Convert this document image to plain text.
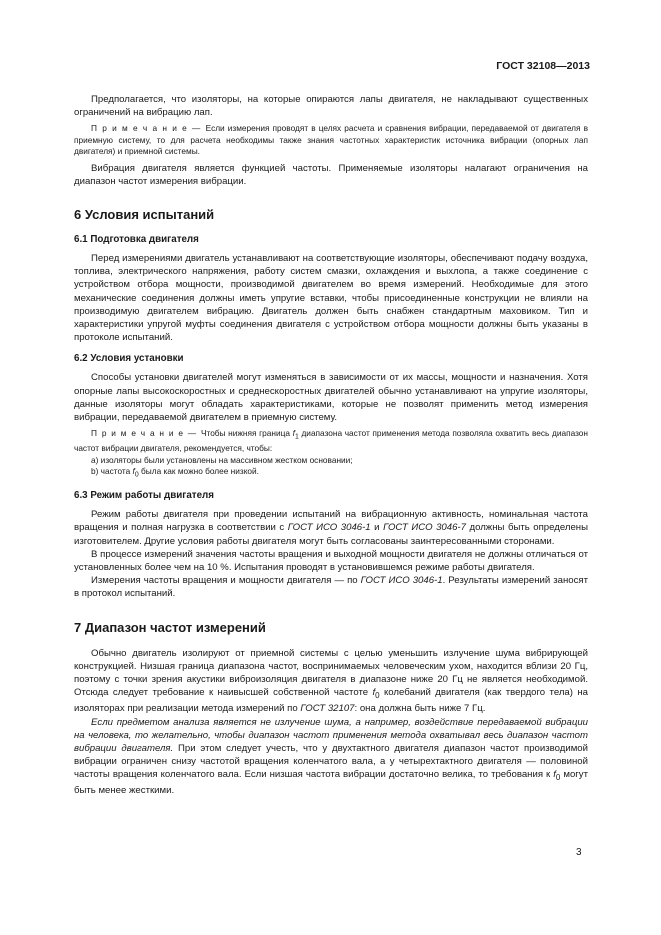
ГОСТ 32108—2013

Предполагается, что изоляторы, на которые опираются лапы двигателя, не накладывают существенных ограничений на вибрацию лап.

П р и м е ч а н и е — Если измерения проводят в целях расчета и сравнения вибрации, передаваемой от двигателя в приемную систему, то для расчета необходимы также знания частотных характеристик источника вибрации (опорных лап двигателя) и приемной системы.

Вибрация двигателя является функцией частоты. Применяемые изоляторы налагают ограничения на диапазон частот измерения вибрации.

6 Условия испытаний
6.1 Подготовка двигателя

Перед измерениями двигатель устанавливают на соответствующие изоляторы, обеспечивают подачу воздуха, топлива, электрического напряжения, работу систем смазки, охлаждения и выхлопа, а также соединение с устройством отбора мощности, производимой двигателем во время измерений. Необходимые для этого механические соединения должны иметь упругие вставки, чтобы присоединенные конструкции не влияли на производимую двигателем вибрацию. Двигатель должен быть снабжен стандартным маховиком. Тип и характеристики упругой муфты соединения двигателя с устройством отбора мощности должны быть указаны в протоколе испытаний.

6.2 Условия установки

Способы установки двигателей могут изменяться в зависимости от их массы, мощности и назначения. Хотя опорные лапы высокоскоростных и среднескоростных двигателей обычно устанавливают на упругие изоляторы, данные изоляторы могут обладать характеристиками, которые не позволят применить метод измерения вибрации, передаваемой двигателем в приемную систему.

П р и м е ч а н и е — Чтобы нижняя граница $f_1$ диапазона частот применения метода позволяла охватить весь диапазон частот вибрации двигателя, рекомендуется, чтобы:

a) изоляторы были установлены на массивном жестком основании;

b) частота $f_0$ была как можно более низкой.

6.3 Режим работы двигателя

Режим работы двигателя при проведении испытаний на вибрационную активность, номинальная частота вращения и полная нагрузка в соответствии с ГОСТ ИСО 3046-1 и ГОСТ ИСО 3046-7 должны быть определены изготовителем. Другие условия работы двигателя могут быть согласованы заинтересованными сторонами.

В процессе измерений значения частоты вращения и выходной мощности двигателя не должны отличаться от установленных более чем на 10 %. Испытания проводят в установившемся режиме работы двигателя.

Измерения частоты вращения и мощности двигателя — по ГОСТ ИСО 3046-1. Результаты измерений заносят в протокол испытаний.

7 Диапазон частот измерений

Обычно двигатель изолируют от приемной системы с целью уменьшить излучение шума вибрирующей конструкцией. Низшая граница диапазона частот, воспринимаемых человеческим ухом, находится вблизи 20 Гц, поэтому с точки зрения акустики виброизоляция двигателя в диапазоне ниже 20 Гц не является необходимой. Отсюда следует требование к наивысшей собственной частоте $f_0$ колебаний двигателя (как твердого тела) на изоляторах при реализации метода измерений по ГОСТ 32107: она должна быть ниже 7 Гц.

Если предметом анализа является не излучение шума, а например, воздействие передаваемой вибрации на человека, то желательно, чтобы диапазон частот применения метода охватывал весь диапазон частот вибрации двигателя. При этом следует учесть, что у двухтактного двигателя диапазон частот производимой вибрации ограничен снизу частотой вращения коленчатого вала, а у четырехтактного двигателя — половиной частоты вращения коленчатого вала. Если низшая частота вибрации достаточно велика, то требования к $f_0$ могут быть менее жесткими.

3
